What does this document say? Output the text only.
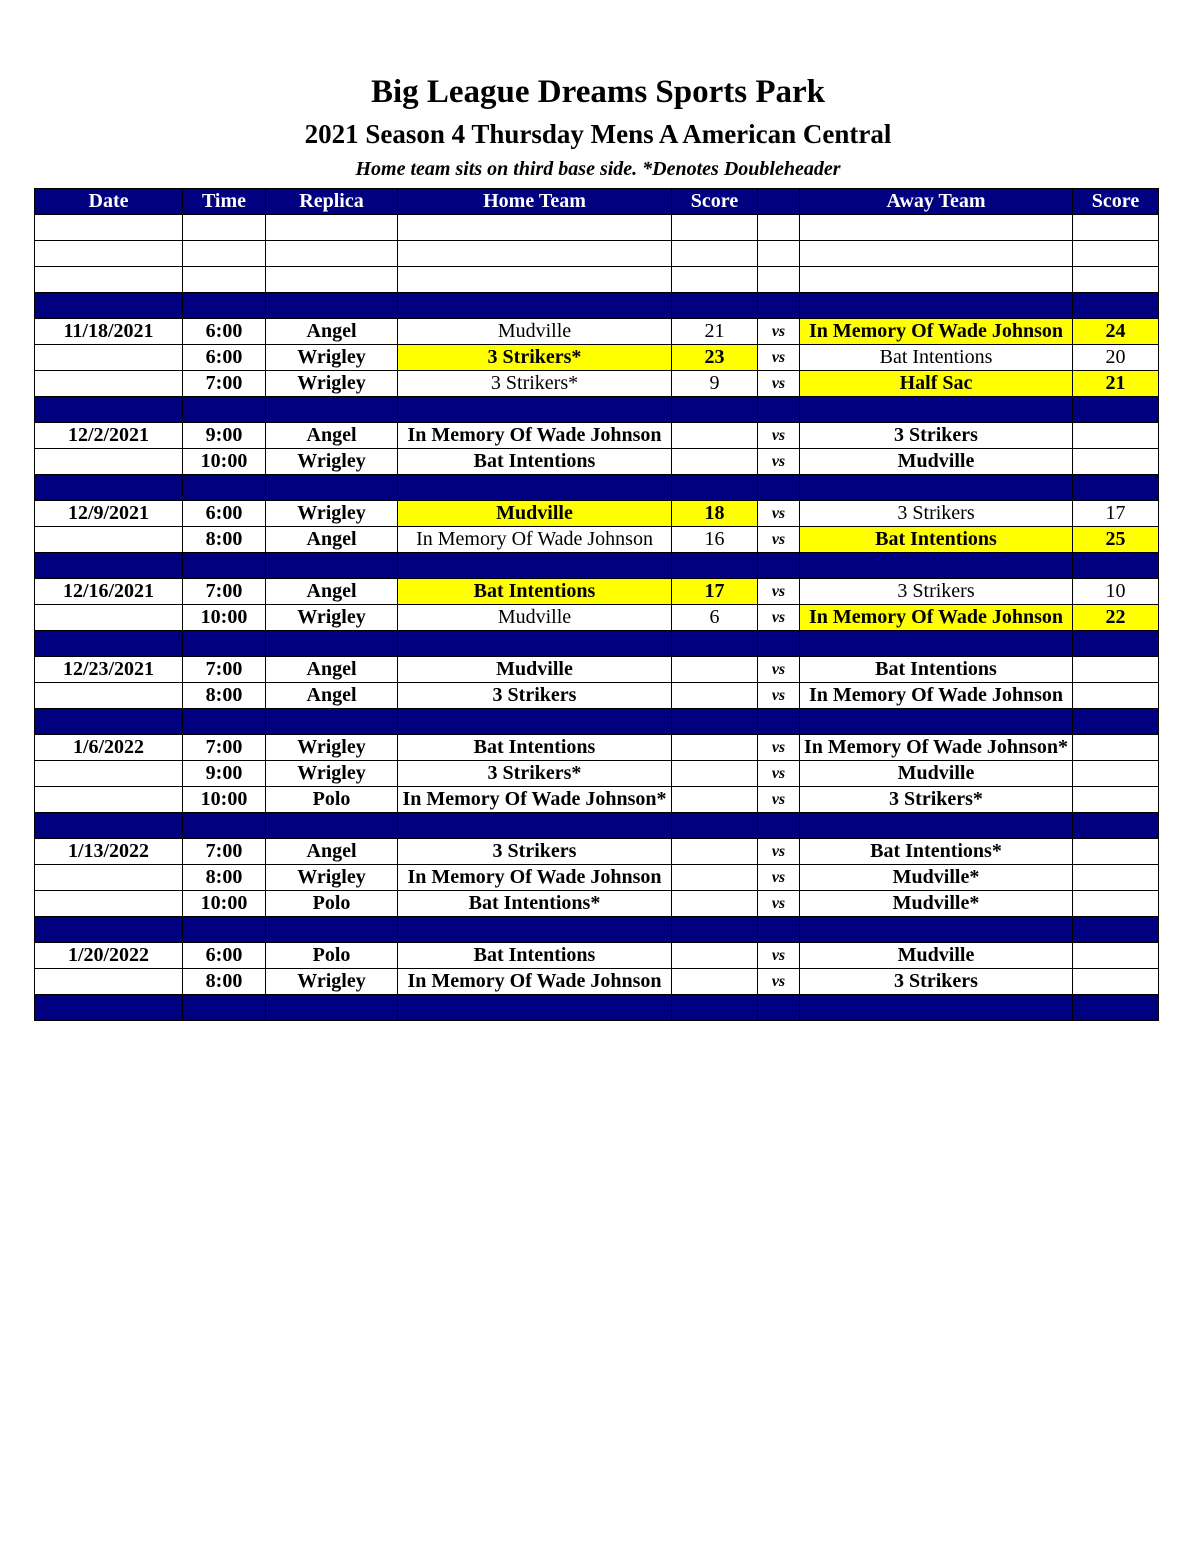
Big League Dreams Sports Park
2021 Season 4 Thursday Mens A American Central
Home team sits on third base side. *Denotes Doubleheader
Date	Time	Replica	Home Team	Score		Away Team	Score

11/18/2021	6:00	Angel	Mudville	21	vs	In Memory Of Wade Johnson	24
	6:00	Wrigley	3 Strikers*	23	vs	Bat Intentions	20
	7:00	Wrigley	3 Strikers*	9	vs	Half Sac	21

12/2/2021	9:00	Angel	In Memory Of Wade Johnson		vs	3 Strikers	
	10:00	Wrigley	Bat Intentions		vs	Mudville	

12/9/2021	6:00	Wrigley	Mudville	18	vs	3 Strikers	17
	8:00	Angel	In Memory Of Wade Johnson	16	vs	Bat Intentions	25

12/16/2021	7:00	Angel	Bat Intentions	17	vs	3 Strikers	10
	10:00	Wrigley	Mudville	6	vs	In Memory Of Wade Johnson	22

12/23/2021	7:00	Angel	Mudville		vs	Bat Intentions	
	8:00	Angel	3 Strikers		vs	In Memory Of Wade Johnson	

1/6/2022	7:00	Wrigley	Bat Intentions		vs	In Memory Of Wade Johnson*	
	9:00	Wrigley	3 Strikers*		vs	Mudville	
	10:00	Polo	In Memory Of Wade Johnson*		vs	3 Strikers*	

1/13/2022	7:00	Angel	3 Strikers		vs	Bat Intentions*	
	8:00	Wrigley	In Memory Of Wade Johnson		vs	Mudville*	
	10:00	Polo	Bat Intentions*		vs	Mudville*	

1/20/2022	6:00	Polo	Bat Intentions		vs	Mudville	
	8:00	Wrigley	In Memory Of Wade Johnson		vs	3 Strikers	
